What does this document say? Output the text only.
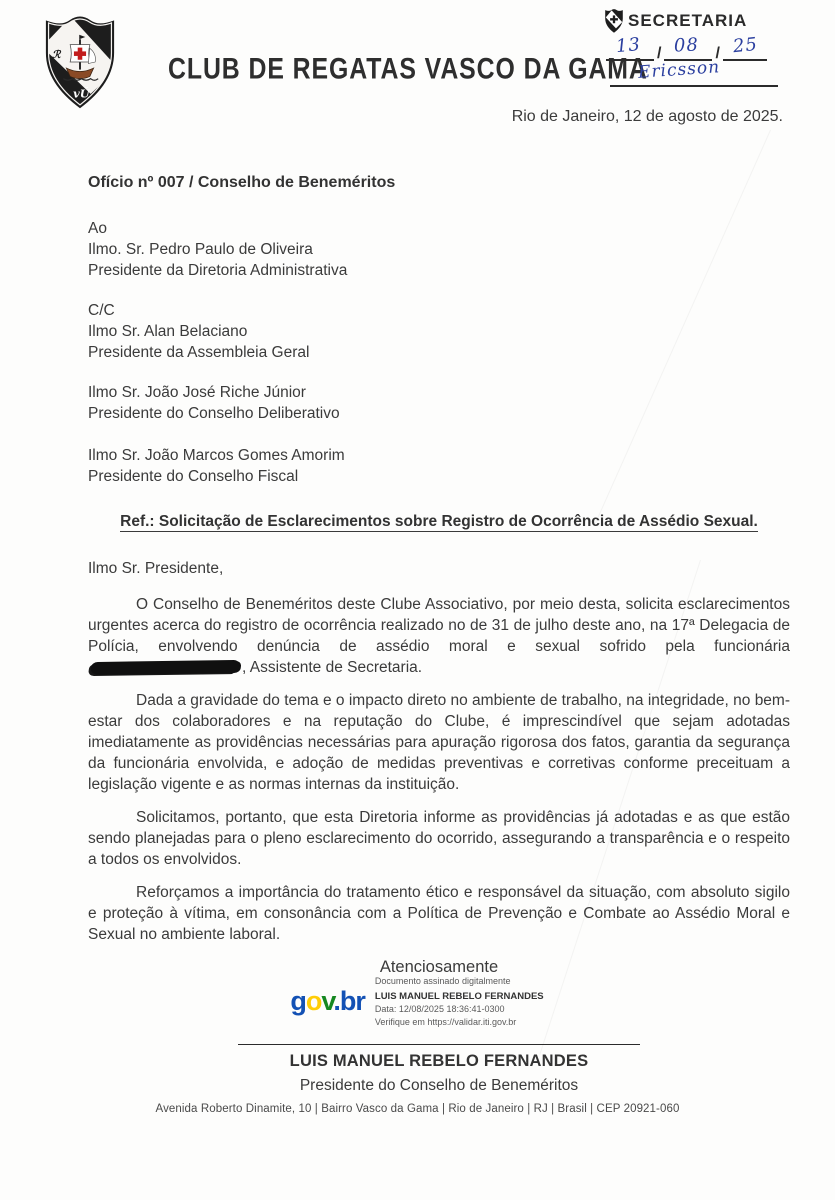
ℛ
vŬ
CLUB DE REGATAS VASCO DA GAMA
SECRETARIA
13 / 08 / 25
Ericsson
Rio de Janeiro, 12 de agosto de 2025.
Ofício nº 007 / Conselho de Beneméritos
Ao
Ilmo. Sr. Pedro Paulo de Oliveira
Presidente da Diretoria Administrativa
C/C
Ilmo Sr. Alan Belaciano
Presidente da Assembleia Geral
Ilmo Sr. João José Riche Júnior
Presidente do Conselho Deliberativo
Ilmo Sr. João Marcos Gomes Amorim
Presidente do Conselho Fiscal
Ref.: Solicitação de Esclarecimentos sobre Registro de Ocorrência de Assédio Sexual.
Ilmo Sr. Presidente,

O Conselho de Beneméritos deste Clube Associativo, por meio desta, solicita esclarecimentos urgentes acerca do registro de ocorrência realizado no de 31 de julho deste ano, na 17ª Delegacia de Polícia, envolvendo denúncia de assédio moral e sexual sofrido pela funcionária, Assistente de Secretaria.

Dada a gravidade do tema e o impacto direto no ambiente de trabalho, na integridade, no bem-estar dos colaboradores e na reputação do Clube, é imprescindível que sejam adotadas imediatamente as providências necessárias para apuração rigorosa dos fatos, garantia da segurança da funcionária envolvida, e adoção de medidas preventivas e corretivas conforme preceituam a legislação vigente e as normas internas da instituição.

Solicitamos, portanto, que esta Diretoria informe as providências já adotadas e as que estão sendo planejadas para o pleno esclarecimento do ocorrido, assegurando a transparência e o respeito a todos os envolvidos.

Reforçamos a importância do tratamento ético e responsável da situação, com absoluto sigilo e proteção à vítima, em consonância com a Política de Prevenção e Combate ao Assédio Moral e Sexual no ambiente laboral.

Atenciosamente
gov.br
Documento assinado digitalmente
LUIS MANUEL REBELO FERNANDES
Data: 12/08/2025 18:36:41-0300
Verifique em https://validar.iti.gov.br
LUIS MANUEL REBELO FERNANDES
Presidente do Conselho de Beneméritos
Avenida Roberto Dinamite, 10 | Bairro Vasco da Gama | Rio de Janeiro | RJ | Brasil | CEP 20921-060
